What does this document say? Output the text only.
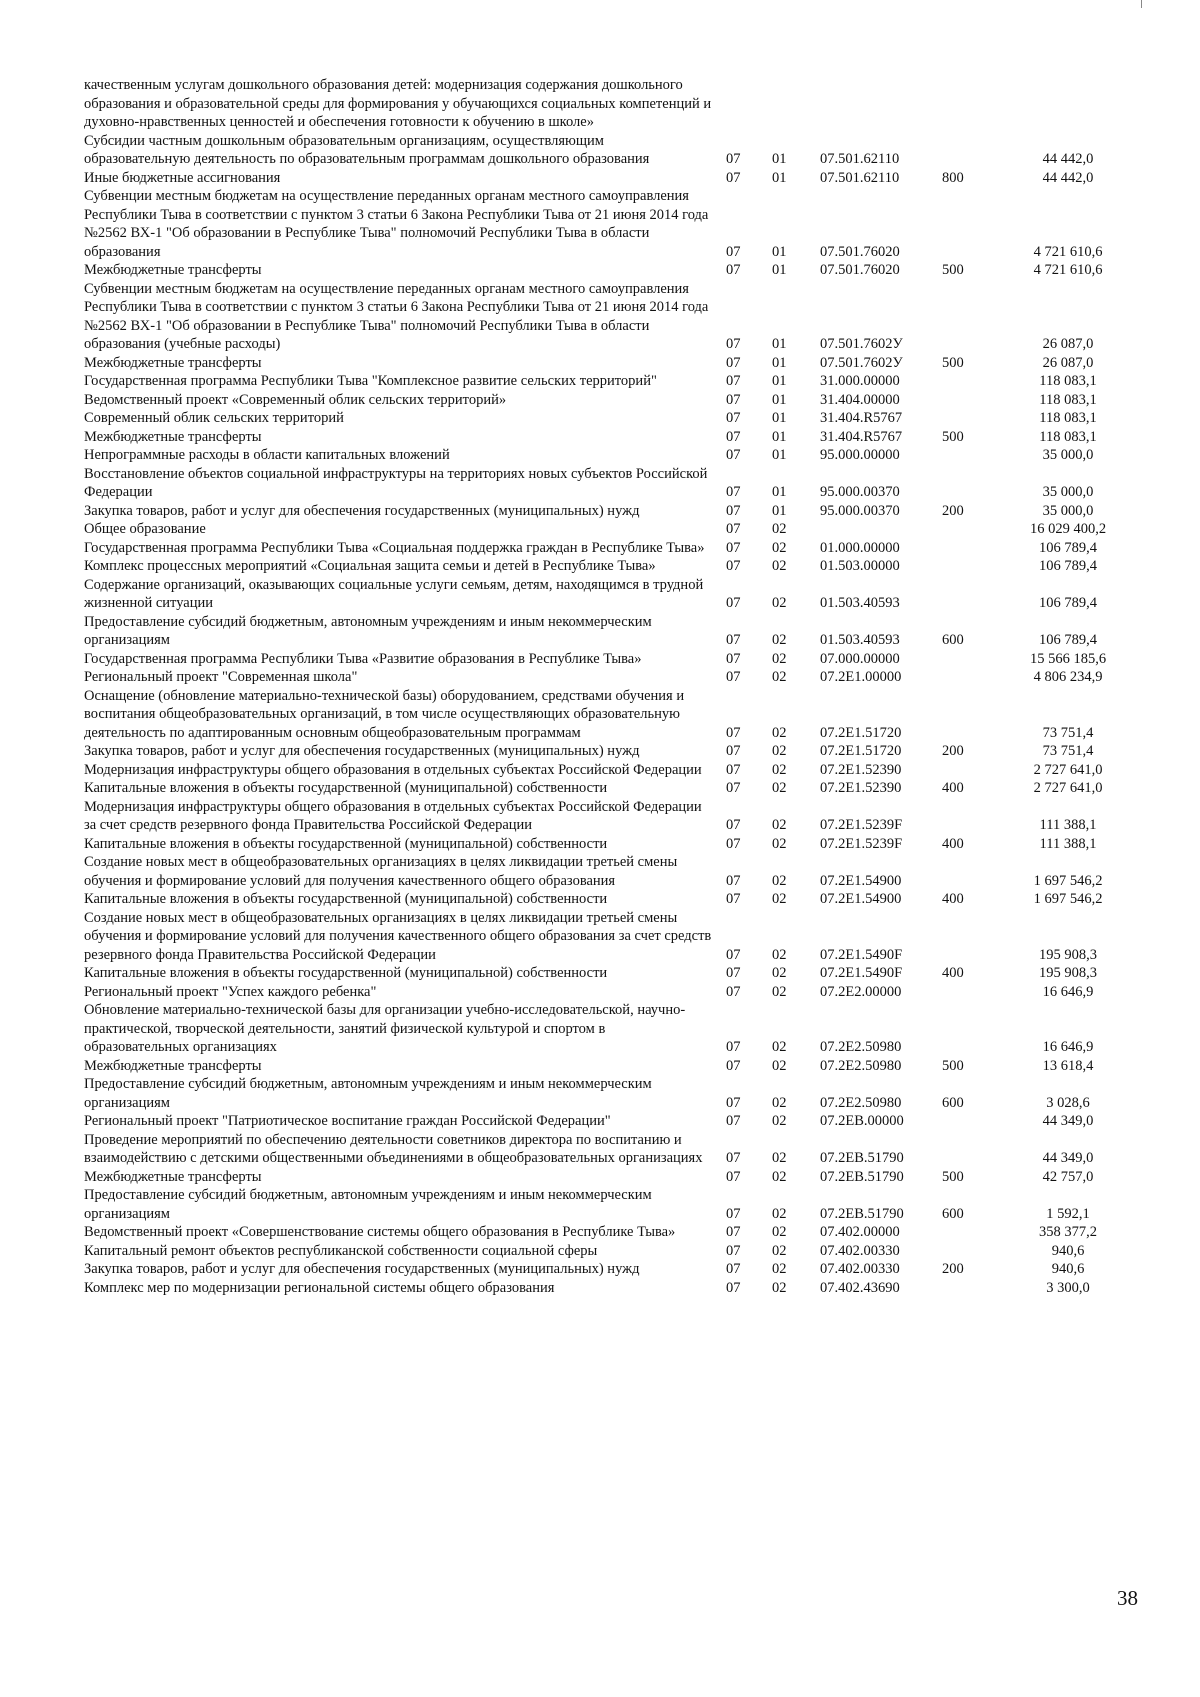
качественным услугам дошкольного образования детей: модернизация содержания дошкольного образования и образовательной среды для формирования у обучающихся социальных компетенций и духовно-нравственных ценностей и обеспечения готовности к обучению в школе»					
Субсидии частным дошкольным образовательным организациям, осуществляющим образовательную деятельность по образовательным программам дошкольного образования	07	01	07.501.62110		44 442,0
Иные бюджетные ассигнования	07	01	07.501.62110	800	44 442,0
Субвенции местным бюджетам на осуществление переданных органам местного самоуправления Республики Тыва в соответствии с пунктом 3 статьи 6 Закона Республики Тыва от 21 июня 2014 года №2562 ВХ-1 "Об образовании в Республике Тыва" полномочий Республики Тыва в области образования	07	01	07.501.76020		4 721 610,6
Межбюджетные трансферты	07	01	07.501.76020	500	4 721 610,6
Субвенции местным бюджетам на осуществление переданных органам местного самоуправления Республики Тыва в соответствии с пунктом 3 статьи 6 Закона Республики Тыва от 21 июня 2014 года №2562 ВХ-1 "Об образовании в Республике Тыва" полномочий Республики Тыва в области образования (учебные расходы)	07	01	07.501.7602У		26 087,0
Межбюджетные трансферты	07	01	07.501.7602У	500	26 087,0
Государственная программа Республики Тыва "Комплексное развитие сельских территорий"	07	01	31.000.00000		118 083,1
Ведомственный проект «Современный облик сельских территорий»	07	01	31.404.00000		118 083,1
Современный облик сельских территорий	07	01	31.404.R5767		118 083,1
Межбюджетные трансферты	07	01	31.404.R5767	500	118 083,1
Непрограммные расходы в области капитальных вложений	07	01	95.000.00000		35 000,0
Восстановление объектов социальной инфраструктуры на территориях новых субъектов Российской Федерации	07	01	95.000.00370		35 000,0
Закупка товаров, работ и услуг для обеспечения государственных (муниципальных) нужд	07	01	95.000.00370	200	35 000,0
Общее образование	07	02			16 029 400,2
Государственная программа Республики Тыва «Социальная поддержка граждан в Республике Тыва»	07	02	01.000.00000		106 789,4
Комплекс процессных мероприятий «Социальная защита семьи и детей в Республике Тыва»	07	02	01.503.00000		106 789,4
Содержание организаций, оказывающих социальные услуги семьям, детям, находящимся в трудной жизненной ситуации	07	02	01.503.40593		106 789,4
Предоставление субсидий бюджетным, автономным учреждениям и иным некоммерческим организациям	07	02	01.503.40593	600	106 789,4
Государственная программа Республики Тыва «Развитие образования в Республике Тыва»	07	02	07.000.00000		15 566 185,6
Региональный проект "Современная школа"	07	02	07.2Е1.00000		4 806 234,9
Оснащение (обновление материально-технической базы) оборудованием, средствами обучения и воспитания общеобразовательных организаций, в том числе осуществляющих образовательную деятельность по адаптированным основным общеобразовательным программам	07	02	07.2Е1.51720		73 751,4
Закупка товаров, работ и услуг для обеспечения государственных (муниципальных) нужд	07	02	07.2Е1.51720	200	73 751,4
Модернизация инфраструктуры общего образования в отдельных субъектах Российской Федерации	07	02	07.2Е1.52390		2 727 641,0
Капитальные вложения в объекты государственной (муниципальной) собственности	07	02	07.2Е1.52390	400	2 727 641,0
Модернизация инфраструктуры общего образования в отдельных субъектах Российской Федерации за счет средств резервного фонда Правительства Российской Федерации	07	02	07.2Е1.5239F		111 388,1
Капитальные вложения в объекты государственной (муниципальной) собственности	07	02	07.2Е1.5239F	400	111 388,1
Создание новых мест в общеобразовательных организациях в целях ликвидации третьей смены обучения и формирование условий для получения качественного общего образования	07	02	07.2Е1.54900		1 697 546,2
Капитальные вложения в объекты государственной (муниципальной) собственности	07	02	07.2Е1.54900	400	1 697 546,2
Создание новых мест в общеобразовательных организациях в целях ликвидации третьей смены обучения и формирование условий для получения качественного общего образования за счет средств резервного фонда Правительства Российской Федерации	07	02	07.2Е1.5490F		195 908,3
Капитальные вложения в объекты государственной (муниципальной) собственности	07	02	07.2Е1.5490F	400	195 908,3
Региональный проект "Успех каждого ребенка"	07	02	07.2Е2.00000		16 646,9
Обновление материально-технической базы для организации учебно-исследовательской, научно-практической, творческой деятельности, занятий физической культурой и спортом в образовательных организациях	07	02	07.2Е2.50980		16 646,9
Межбюджетные трансферты	07	02	07.2Е2.50980	500	13 618,4
Предоставление субсидий бюджетным, автономным учреждениям и иным некоммерческим организациям	07	02	07.2Е2.50980	600	3 028,6
Региональный проект "Патриотическое воспитание граждан Российской Федерации"	07	02	07.2ЕВ.00000		44 349,0
Проведение мероприятий по обеспечению деятельности советников директора по воспитанию и взаимодействию с детскими общественными объединениями в общеобразовательных организациях	07	02	07.2ЕВ.51790		44 349,0
Межбюджетные трансферты	07	02	07.2ЕВ.51790	500	42 757,0
Предоставление субсидий бюджетным, автономным учреждениям и иным некоммерческим организациям	07	02	07.2ЕВ.51790	600	1 592,1
Ведомственный проект «Совершенствование системы общего образования в Республике Тыва»	07	02	07.402.00000		358 377,2
Капитальный ремонт объектов республиканской собственности социальной сферы	07	02	07.402.00330		940,6
Закупка товаров, работ и услуг для обеспечения государственных (муниципальных) нужд	07	02	07.402.00330	200	940,6
Комплекс мер по модернизации региональной системы общего образования	07	02	07.402.43690		3 300,0
38
